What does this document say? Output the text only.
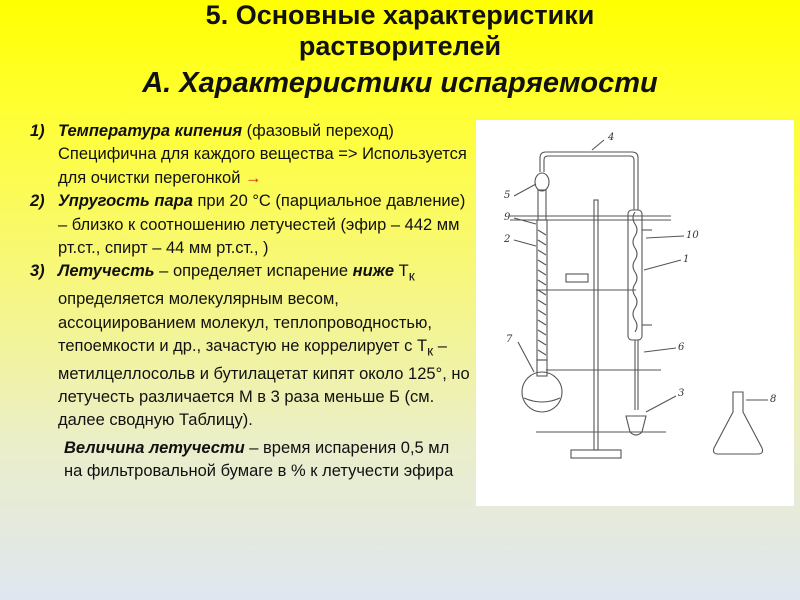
5. Основные характеристики
растворителей
А. Характеристики испаряемости
1) Температура кипения (фазовый переход) Специфична для каждого вещества => Используется для очистки перегонкой →
2) Упругость пара при 20 °С (парциальное давление) – близко к соотношению летучестей (эфир – 442 мм рт.ст., спирт – 44 мм рт.ст., )
3) Летучесть – определяет испарение ниже $Т_к$ определяется молекулярным весом, ассоциированием молекул, теплопроводностью, тепоемкости и др., зачастую не коррелирует с $Т_к$ – метилцеллосольв и бутилацетат кипят около 125°, но летучесть различается М в 3 раза меньше Б (см. далее сводную Таблицу).
Величина летучести – время испарения 0,5 мл на фильтровальной бумаге в % к летучести эфира
4
5
9
2	10
1
7
6
3
8
